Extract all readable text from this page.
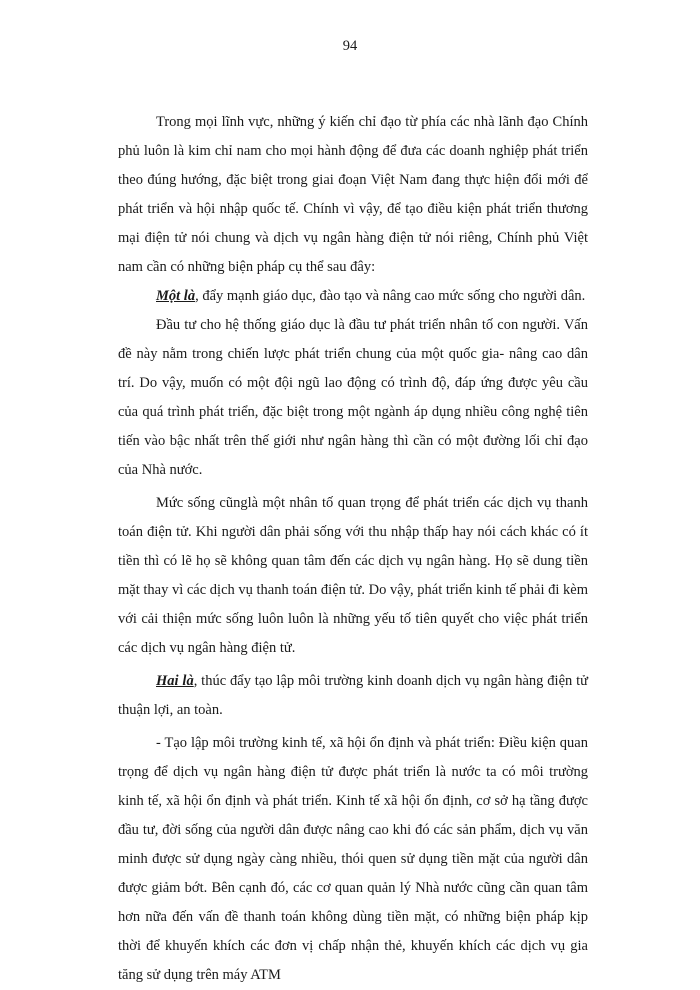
94

Trong mọi lĩnh vực, những ý kiến chỉ đạo từ phía các nhà lãnh đạo Chính phủ luôn là kim chỉ nam cho mọi hành động để đưa các doanh nghiệp phát triển theo đúng hướng, đặc biệt trong giai đoạn Việt Nam đang thực hiện đổi mới để phát triển và hội nhập quốc tế. Chính vì vậy, để tạo điều kiện phát triển thương mại điện tử nói chung và dịch vụ ngân hàng điện tử nói riêng, Chính phủ Việt nam cần có những biện pháp cụ thể sau đây:

Một là, đẩy mạnh giáo dục, đào tạo và nâng cao mức sống cho người dân.

Đầu tư cho hệ thống giáo dục là đầu tư phát triển nhân tố con người. Vấn đề này nằm trong chiến lược phát triển chung của một quốc gia- nâng cao dân trí. Do vậy, muốn có một đội ngũ lao động có trình độ, đáp ứng được yêu cầu của quá trình phát triển, đặc biệt trong một ngành áp dụng nhiều công nghệ tiên tiến vào bậc nhất trên thế giới như ngân hàng thì cần có một đường lối chỉ đạo của Nhà nước.

Mức sống cũnglà một nhân tố quan trọng để phát triển các dịch vụ thanh toán điện tử. Khi người dân phải sống với thu nhập thấp hay nói cách khác có ít tiền thì có lẽ họ sẽ không quan tâm đến các dịch vụ ngân hàng. Họ sẽ dung tiền mặt thay vì các dịch vụ thanh toán điện tử. Do vậy, phát triển kinh tế phải đi kèm với cải thiện mức sống luôn luôn là những yếu tố tiên quyết cho việc phát triển các dịch vụ ngân hàng điện tử.

Hai là, thúc đẩy tạo lập môi trường kinh doanh dịch vụ ngân hàng điện tử thuận lợi, an toàn.

- Tạo lập môi trường kinh tế, xã hội ổn định và phát triển: Điều kiện quan trọng để dịch vụ ngân hàng điện tử được phát triển là nước ta có môi trường kinh tế, xã hội ổn định và phát triển. Kinh tế xã hội ổn định, cơ sở hạ tầng được đầu tư, đời sống của người dân được nâng cao khi đó các sản phẩm, dịch vụ văn minh được sử dụng ngày càng nhiều, thói quen sử dụng tiền mặt của người dân được giảm bớt. Bên cạnh đó, các cơ quan quản lý Nhà nước cũng cần quan tâm hơn nữa đến vấn đề thanh toán không dùng tiền mặt, có những biện pháp kịp thời để khuyến khích các đơn vị chấp nhận thẻ, khuyến khích các dịch vụ gia tăng sử dụng trên máy ATM
